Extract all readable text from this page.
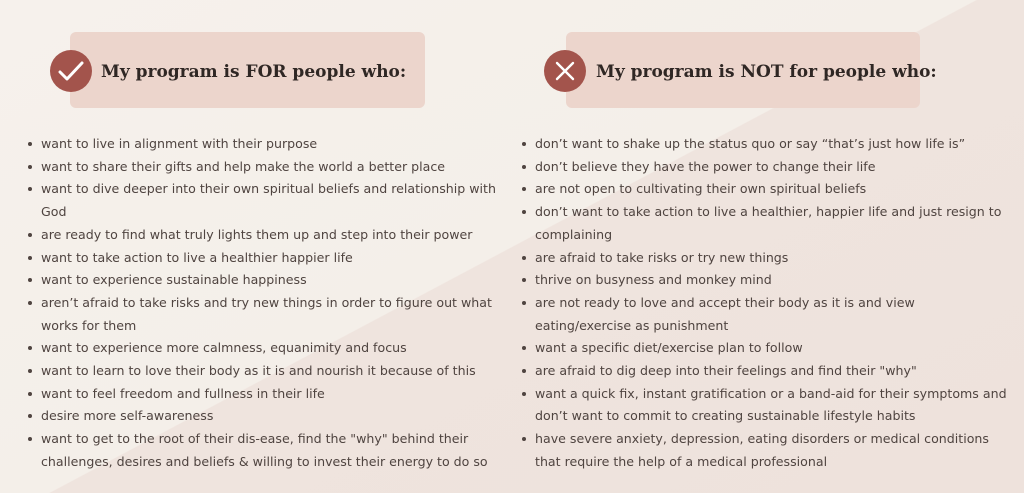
My program is FOR people who:	My program is NOT for people who:
want to live in alignment with their purpose
want to share their gifts and help make the world a better place
want to dive deeper into their own spiritual beliefs and relationship with God
are ready to find what truly lights them up and step into their power
want to take action to live a healthier happier life
want to experience sustainable happiness
aren’t afraid to take risks and try new things in order to figure out what works for them
want to experience more calmness, equanimity and focus
want to learn to love their body as it is and nourish it because of this
want to feel freedom and fullness in their life
desire more self-awareness
want to get to the root of their dis-ease, find the "why" behind their challenges, desires and beliefs & willing to invest their energy to do so
don’t want to shake up the status quo or say “that’s just how life is”
don’t believe they have the power to change their life
are not open to cultivating their own spiritual beliefs
don’t want to take action to live a healthier, happier life and just resign to complaining
are afraid to take risks or try new things
thrive on busyness and monkey mind
are not ready to love and accept their body as it is and view eating/exercise as punishment
want a specific diet/exercise plan to follow
are afraid to dig deep into their feelings and find their "why"
want a quick fix, instant gratification or a band-aid for their symptoms and don’t want to commit to creating sustainable lifestyle habits
have severe anxiety, depression, eating disorders or medical conditions that require the help of a medical professional
